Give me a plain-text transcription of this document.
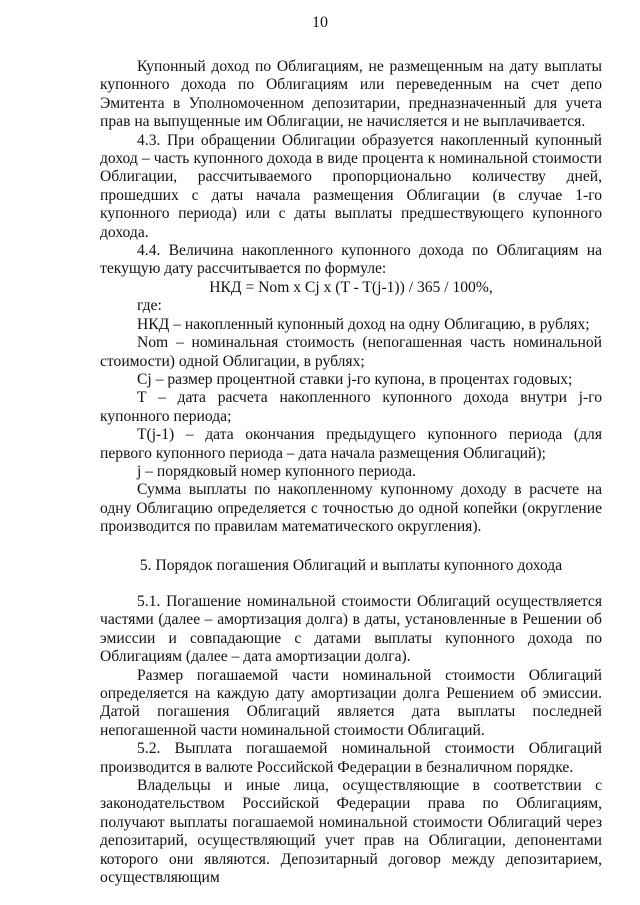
10

Купонный доход по Облигациям, не размещенным на дату выплаты купонного дохода по Облигациям или переведенным на счет депо Эмитента в Уполномоченном депозитарии, предназначенный для учета прав на выпущенные им Облигации, не начисляется и не выплачивается.

4.3. При обращении Облигации образуется накопленный купонный доход – часть купонного дохода в виде процента к номинальной стоимости Облигации, рассчитываемого пропорционально количеству дней, прошедших с даты начала размещения Облигации (в случае 1-го купонного периода) или с даты выплаты предшествующего купонного дохода.

4.4. Величина накопленного купонного дохода по Облигациям на текущую дату рассчитывается по формуле:

НКД = Nom x Cj x (T - T(j-1)) / 365 / 100%,

где:

НКД – накопленный купонный доход на одну Облигацию, в рублях;

Nom – номинальная стоимость (непогашенная часть номинальной стоимости) одной Облигации, в рублях;

Cj – размер процентной ставки j-го купона, в процентах годовых;

T – дата расчета накопленного купонного дохода внутри j-го купонного периода;

T(j-1) – дата окончания предыдущего купонного периода (для первого купонного периода – дата начала размещения Облигаций);

j – порядковый номер купонного периода.

Сумма выплаты по накопленному купонному доходу в расчете на одну Облигацию определяется с точностью до одной копейки (округление производится по правилам математического округления).

5. Порядок погашения Облигаций и выплаты купонного дохода

5.1. Погашение номинальной стоимости Облигаций осуществляется частями (далее – амортизация долга) в даты, установленные в Решении об эмиссии и совпадающие с датами выплаты купонного дохода по Облигациям (далее – дата амортизации долга).

Размер погашаемой части номинальной стоимости Облигаций определяется на каждую дату амортизации долга Решением об эмиссии. Датой погашения Облигаций является дата выплаты последней непогашенной части номинальной стоимости Облигаций.

5.2. Выплата погашаемой номинальной стоимости Облигаций производится в валюте Российской Федерации в безналичном порядке.

Владельцы и иные лица, осуществляющие в соответствии с законодательством Российской Федерации права по Облигациям, получают выплаты погашаемой номинальной стоимости Облигаций через депозитарий, осуществляющий учет прав на Облигации, депонентами которого они являются. Депозитарный договор между депозитарием, осуществляющим
